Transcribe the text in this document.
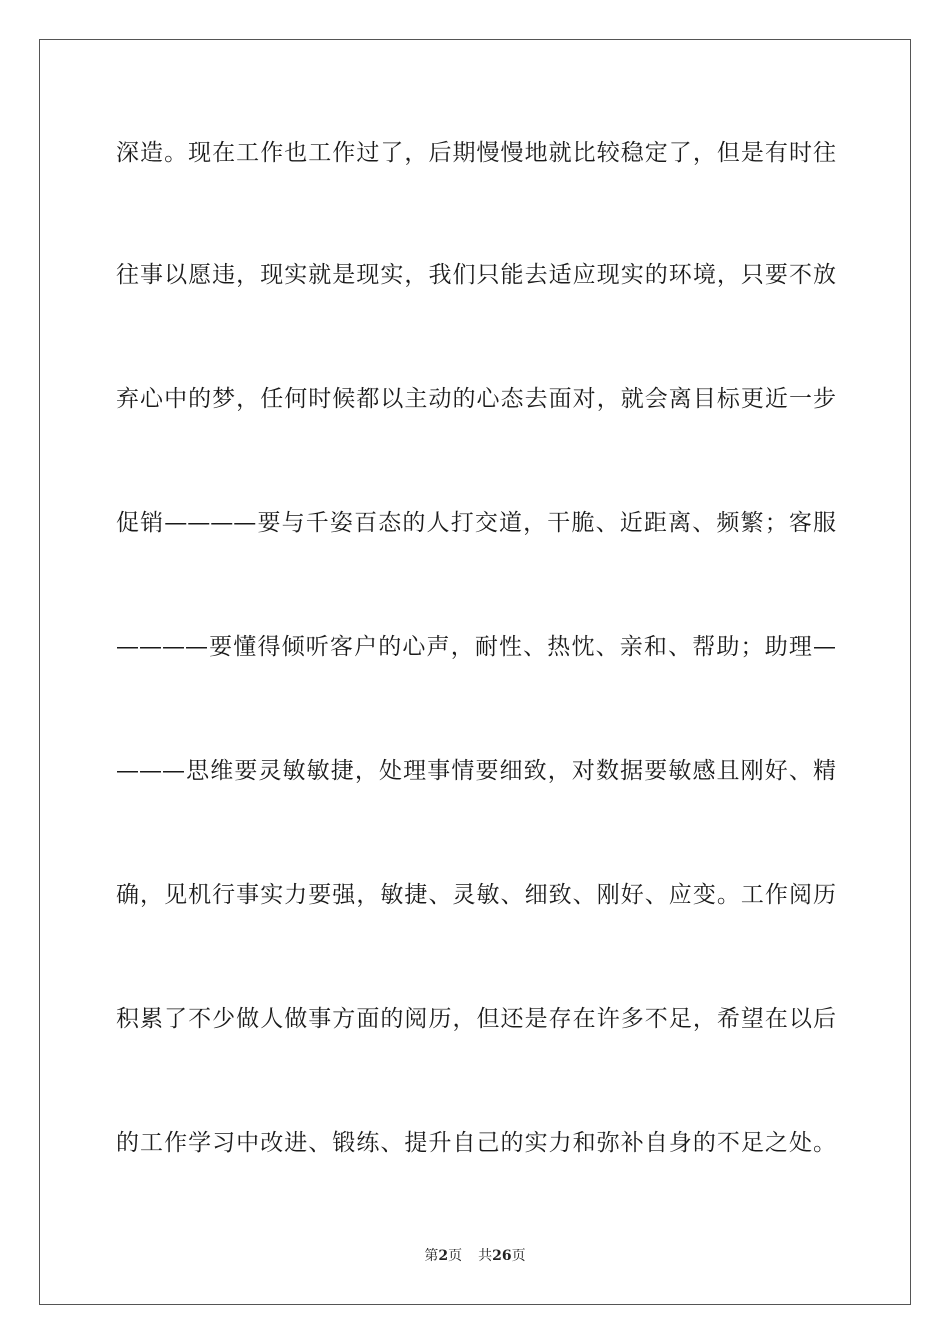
深造。现在工作也工作过了，后期慢慢地就比较稳定了，但是有时往
往事以愿违，现实就是现实，我们只能去适应现实的环境，只要不放
弃心中的梦，任何时候都以主动的心态去面对，就会离目标更近一步
促销————要与千姿百态的人打交道，干脆、近距离、频繁；客服
————要懂得倾听客户的心声，耐性、热忱、亲和、帮助；助理—
———思维要灵敏敏捷，处理事情要细致，对数据要敏感且刚好、精
确，见机行事实力要强，敏捷、灵敏、细致、刚好、应变。工作阅历
积累了不少做人做事方面的阅历，但还是存在许多不足，希望在以后
的工作学习中改进、锻练、提升自己的实力和弥补自身的不足之处。
第2页 共26页
